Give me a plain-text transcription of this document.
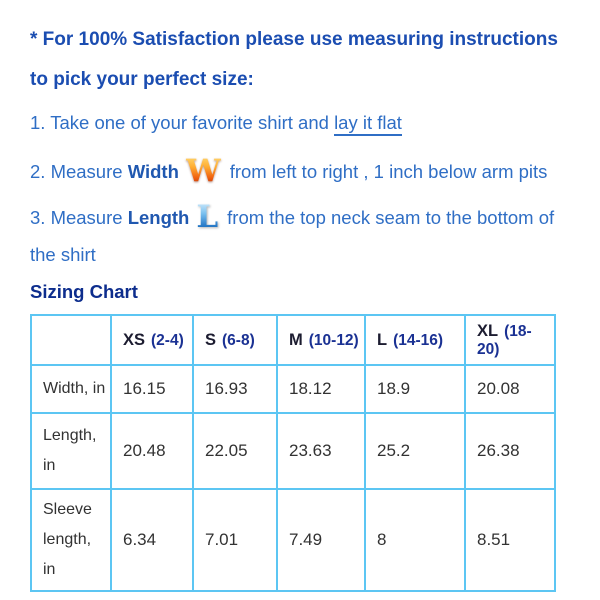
* For 100% Satisfaction please use measuring instructions
to pick your perfect size:
1. Take one of your favorite shirt and lay it flat
2. Measure Width W from left to right , 1 inch below arm pits
3. Measure Length L from the top neck seam to the bottom of
the shirt
Sizing Chart
	XS (2-4)	S (6-8)	M (10-12)	L (14-16)	XL (18-20)
Width, in	16.15	16.93	18.12	18.9	20.08
Length, in	20.48	22.05	23.63	25.2	26.38
Sleeve length, in	6.34	7.01	7.49	8	8.51
